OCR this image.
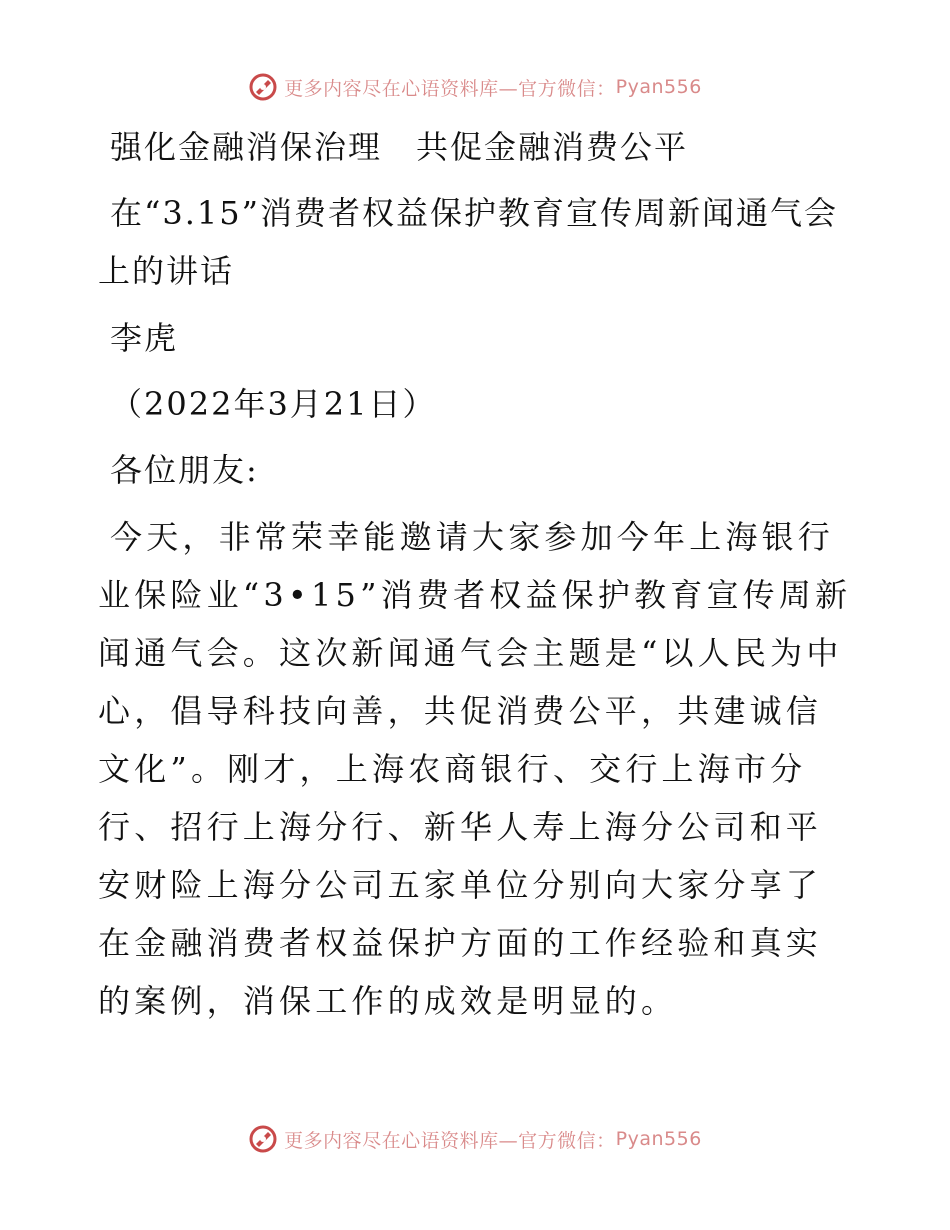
更多内容尽在心语资料库—官方微信： Pyan556

强化金融消保治理　共促金融消费公平

在“3.15”消费者权益保护教育宣传周新闻通气会上的讲话

李虎

（2022年3月21日）

各位朋友:

今天，非常荣幸能邀请大家参加今年上海银行业保险业“3•15”消费者权益保护教育宣传周新闻通气会。这次新闻通气会主题是“以人民为中心，倡导科技向善，共促消费公平，共建诚信文化”。刚才，上海农商银行、交行上海市分行、招行上海分行、新华人寿上海分公司和平安财险上海分公司五家单位分别向大家分享了在金融消费者权益保护方面的工作经验和真实的案例，消保工作的成效是明显的。

更多内容尽在心语资料库—官方微信： Pyan556
